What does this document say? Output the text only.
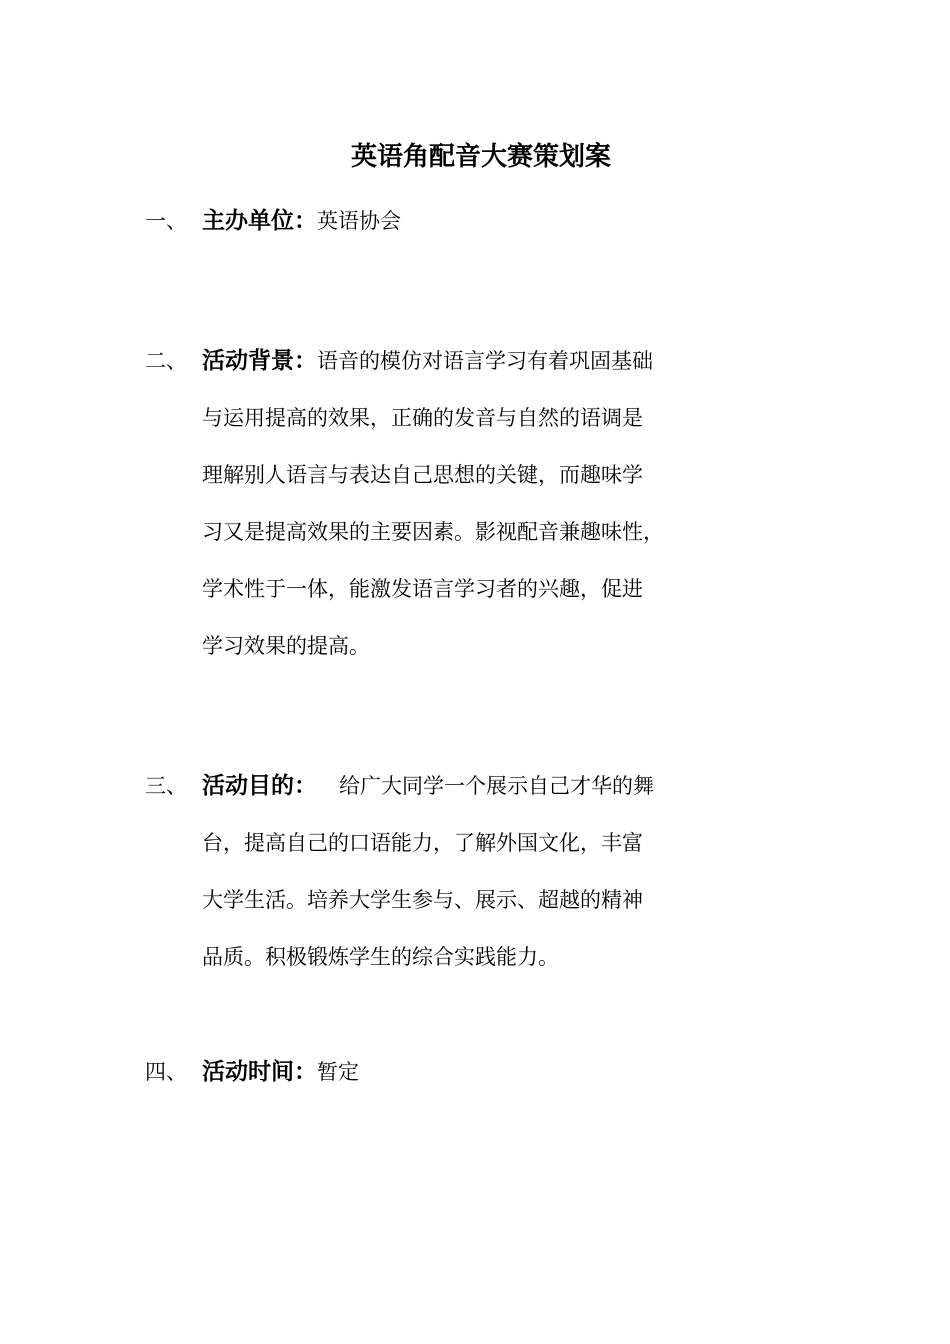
英语角配音大赛策划案
一、 主办单位：英语协会
二、 活动背景：语音的模仿对语言学习有着巩固基础
与运用提高的效果，正确的发音与自然的语调是
理解别人语言与表达自己思想的关键，而趣味学
习又是提高效果的主要因素。影视配音兼趣味性，
学术性于一体，能激发语言学习者的兴趣，促进
学习效果的提高。
三、 活动目的： 给广大同学一个展示自己才华的舞
台，提高自己的口语能力，了解外国文化，丰富
大学生活。培养大学生参与、展示、超越的精神
品质。积极锻炼学生的综合实践能力。
四、 活动时间：暂定
